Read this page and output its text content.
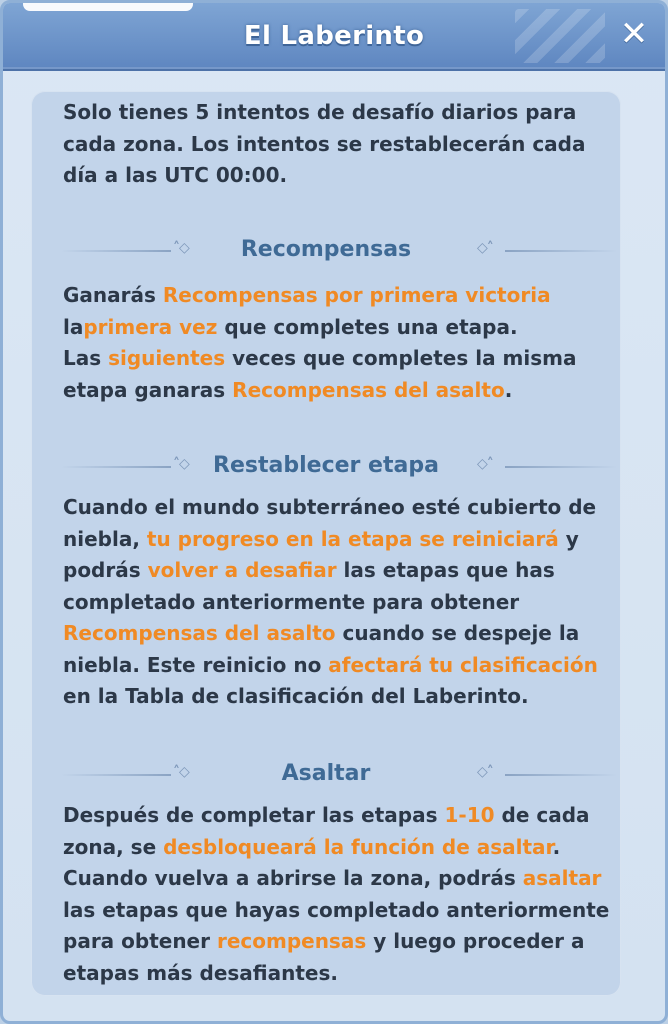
El Laberinto	✕
Solo tienes 5 intentos de desafío diarios para cada zona. Los intentos se restablecerán cada día a las UTC 00:00.
˄◇	Recompensas	◇˄
Ganarás Recompensas por primera victoria
laprimera vez que completes una etapa.
Las siguientes veces que completes la misma
etapa ganaras Recompensas del asalto.
˄◇	Restablecer etapa	◇˄
Cuando el mundo subterráneo esté cubierto de
niebla, tu progreso en la etapa se reiniciará y
podrás volver a desafiar las etapas que has
completado anteriormente para obtener
Recompensas del asalto cuando se despeje la
niebla. Este reinicio no afectará tu clasificación
en la Tabla de clasificación del Laberinto.
˄◇	Asaltar	◇˄
Después de completar las etapas 1-10 de cada
zona, se desbloqueará la función de asaltar.
Cuando vuelva a abrirse la zona, podrás asaltar
las etapas que hayas completado anteriormente
para obtener recompensas y luego proceder a
etapas más desafiantes.
